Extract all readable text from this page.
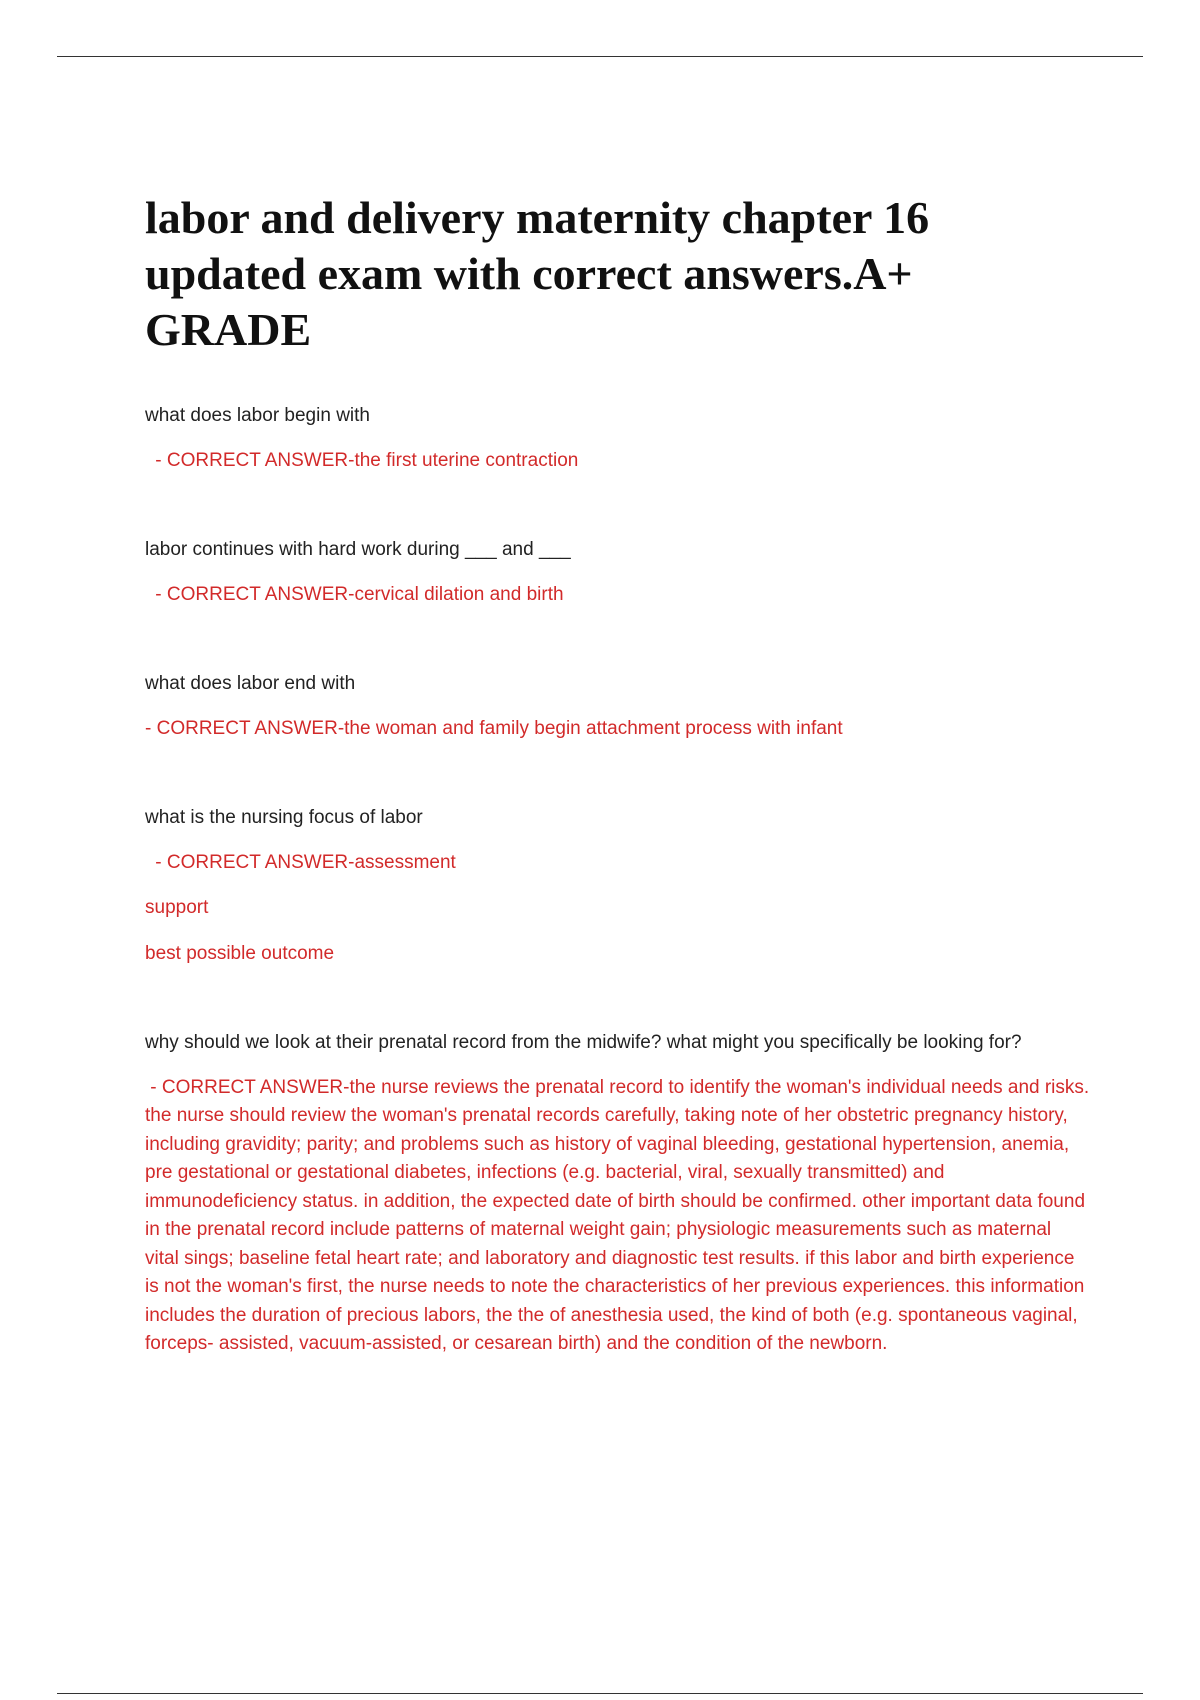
labor and delivery maternity chapter 16 updated exam with correct answers.A+ GRADE

what does labor begin with

- CORRECT ANSWER-the first uterine contraction

labor continues with hard work during ___ and ___

- CORRECT ANSWER-cervical dilation and birth

what does labor end with

- CORRECT ANSWER-the woman and family begin attachment process with infant

what is the nursing focus of labor

- CORRECT ANSWER-assessment

support

best possible outcome

why should we look at their prenatal record from the midwife? what might you specifically be looking for?

- CORRECT ANSWER-the nurse reviews the prenatal record to identify the woman's individual needs and risks. the nurse should review the woman's prenatal records carefully, taking note of her obstetric pregnancy history, including gravidity; parity; and problems such as history of vaginal bleeding, gestational hypertension, anemia, pre gestational or gestational diabetes, infections (e.g. bacterial, viral, sexually transmitted) and immunodeficiency status. in addition, the expected date of birth should be confirmed. other important data found in the prenatal record include patterns of maternal weight gain; physiologic measurements such as maternal vital sings; baseline fetal heart rate; and laboratory and diagnostic test results. if this labor and birth experience is not the woman's first, the nurse needs to note the characteristics of her previous experiences. this information includes the duration of precious labors, the the of anesthesia used, the kind of both (e.g. spontaneous vaginal, forceps- assisted, vacuum-assisted, or cesarean birth) and the condition of the newborn.
